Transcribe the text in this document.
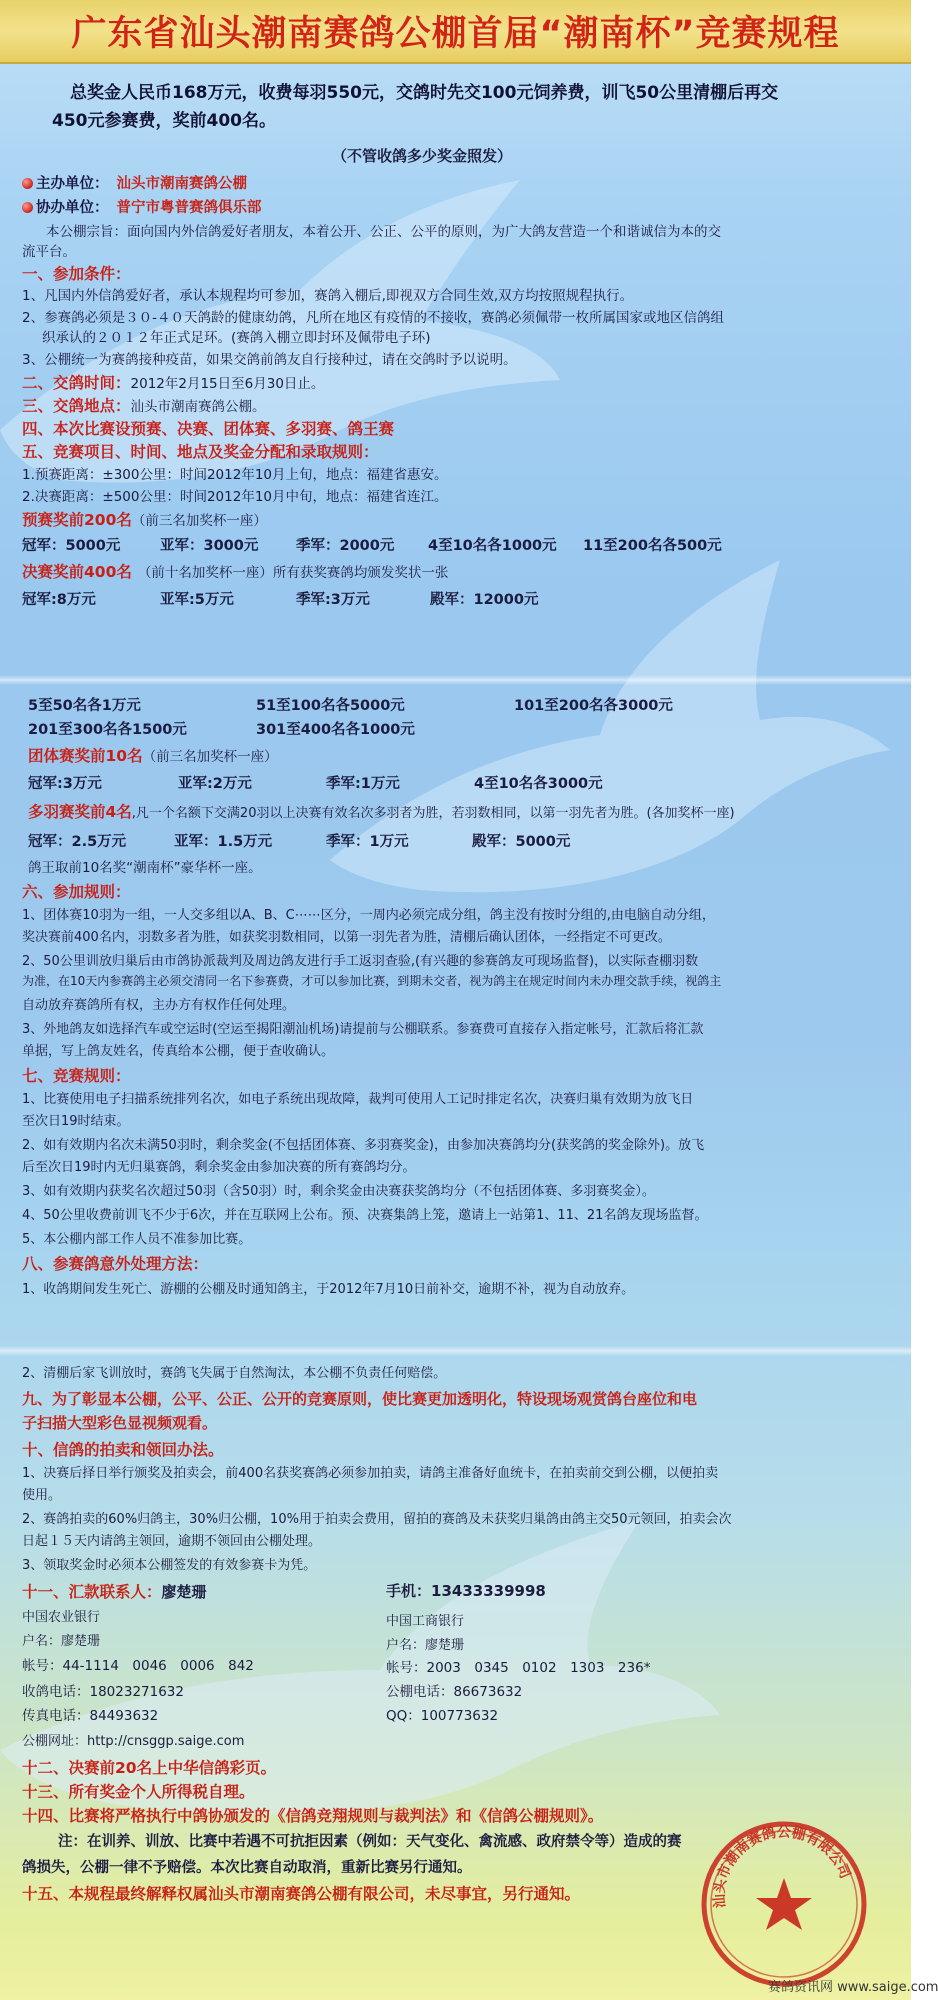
广东省汕头潮南赛鸽公棚首届“潮南杯”竞赛规程
总奖金人民币168万元，收费每羽550元，交鸽时先交100元饲养费，训飞50公里清棚后再交
450元参赛费，奖前400名。
（不管收鸽多少奖金照发）
主办单位： 汕头市潮南赛鸽公棚
协办单位： 普宁市粤普赛鸽俱乐部
本公棚宗旨：面向国内外信鸽爱好者朋友，本着公开、公正、公平的原则，为广大鸽友营造一个和谐诚信为本的交
流平台。
一、参加条件：
1、凡国内外信鸽爱好者，承认本规程均可参加，赛鸽入棚后,即视双方合同生效,双方均按照规程执行。
2、参赛鸽必须是３０-４０天鸽龄的健康幼鸽，凡所在地区有疫情的不接收，赛鸽必须佩带一枚所属国家或地区信鸽组
织承认的２０１２年正式足环。(赛鸽入棚立即封环及佩带电子环)
3、公棚统一为赛鸽接种疫苗，如果交鸽前鸽友自行接种过，请在交鸽时予以说明。
二、交鸽时间：2012年2月15日至6月30日止。
三、交鸽地点：汕头市潮南赛鸽公棚。
四、本次比赛设预赛、决赛、团体赛、多羽赛、鸽王赛
五、竞赛项目、时间、地点及奖金分配和录取规则：
1.预赛距离：±300公里：时间2012年10月上旬，地点：福建省惠安。
2.决赛距离：±500公里：时间2012年10月中旬，地点：福建省连江。
预赛奖前200名（前三名加奖杯一座）
冠军：5000元	亚军：3000元	季军：2000元 4至10名各1000元 11至200名各500元
决赛奖前400名 （前十名加奖杯一座）所有获奖赛鸽均颁发奖状一张
冠军:8万元	亚军:5万元	季军:3万元	殿军：12000元
5至50名各1万元	51至100名各5000元	101至200名各3000元
201至300名各1500元	301至400名各1000元
团体赛奖前10名（前三名加奖杯一座）
冠军:3万元	亚军:2万元	季军:1万元	4至10名各3000元
多羽赛奖前4名,凡一个名额下交满20羽以上决赛有效名次多羽者为胜，若羽数相同，以第一羽先者为胜。(各加奖杯一座)
冠军：2.5万元	亚军：1.5万元	季军：1万元	殿军：5000元
鸽王取前10名奖“潮南杯”豪华杯一座。
六、参加规则：
1、团体赛10羽为一组，一人交多组以A、B、C⋯⋯区分，一周内必须完成分组，鸽主没有按时分组的,由电脑自动分组，
奖决赛前400名内，羽数多者为胜，如获奖羽数相同，以第一羽先者为胜，清棚后确认团体，一经指定不可更改。
2、50公里训放归巢后由市鸽协派裁判及周边鸽友进行手工返羽查验,(有兴趣的参赛鸽友可现场监督)，以实际查棚羽数
为准，在10天内参赛鸽主必须交清同一名下参赛费，才可以参加比赛，到期未交者，视为鸽主在规定时间内未办理交款手续，视鸽主
自动放弃赛鸽所有权，主办方有权作任何处理。
3、外地鸽友如选择汽车或空运时(空运至揭阳潮汕机场)请提前与公棚联系。参赛费可直接存入指定帐号，汇款后将汇款
单据，写上鸽友姓名，传真给本公棚，便于查收确认。
七、竞赛规则：
1、比赛使用电子扫描系统排列名次，如电子系统出现故障，裁判可使用人工记时排定名次，决赛归巢有效期为放飞日
至次日19时结束。
2、如有效期内名次未满50羽时，剩余奖金(不包括团体赛、多羽赛奖金)，由参加决赛鸽均分(获奖鸽的奖金除外)。放飞
后至次日19时内无归巢赛鸽，剩余奖金由参加决赛的所有赛鸽均分。
3、如有效期内获奖名次超过50羽（含50羽）时，剩余奖金由决赛获奖鸽均分（不包括团体赛、多羽赛奖金）。
4、50公里收费前训飞不少于6次，并在互联网上公布。预、决赛集鸽上笼，邀请上一站第1、11、21名鸽友现场监督。
5、本公棚内部工作人员不准参加比赛。
八、参赛鸽意外处理方法：
1、收鸽期间发生死亡、游棚的公棚及时通知鸽主，于2012年7月10日前补交，逾期不补，视为自动放弃。
2、清棚后家飞训放时，赛鸽飞失属于自然淘汰，本公棚不负责任何赔偿。
九、为了彰显本公棚，公平、公正、公开的竞赛原则，使比赛更加透明化，特设现场观赏鸽台座位和电
子扫描大型彩色显视频观看。
十、信鸽的拍卖和领回办法。
1、决赛后择日举行颁奖及拍卖会，前400名获奖赛鸽必须参加拍卖，请鸽主准备好血统卡，在拍卖前交到公棚，以便拍卖
使用。
2、赛鸽拍卖的60%归鸽主，30%归公棚，10%用于拍卖会费用，留拍的赛鸽及未获奖归巢鸽由鸽主交50元领回，拍卖会次
日起１５天内请鸽主领回，逾期不领回由公棚处理。
3、领取奖金时必须本公棚签发的有效参赛卡为凭。
十一、汇款联系人：廖楚珊	手机：13433339998
中国农业银行	中国工商银行
户名：廖楚珊	户名：廖楚珊
帐号：44-1114　0046　0006　842	帐号：2003　0345　0102　1303　236*
收鸽电话：18023271632	公棚电话：86673632
传真电话：84493632	QQ：100773632
公棚网址：http://cnsggp.saige.com
十二、决赛前20名上中华信鸽彩页。
十三、所有奖金个人所得税自理。
十四、比赛将严格执行中鸽协颁发的《信鸽竞翔规则与裁判法》和《信鸽公棚规则》。
注：在训养、训放、比赛中若遇不可抗拒因素（例如：天气变化、禽流感、政府禁令等）造成的赛
鸽损失，公棚一律不予赔偿。本次比赛自动取消，重新比赛另行通知。
十五、本规程最终解释权属汕头市潮南赛鸽公棚有限公司，未尽事宜，另行通知。	汕头市潮南赛鸽公棚有限公司
赛鸽资讯网 www.saige.com
